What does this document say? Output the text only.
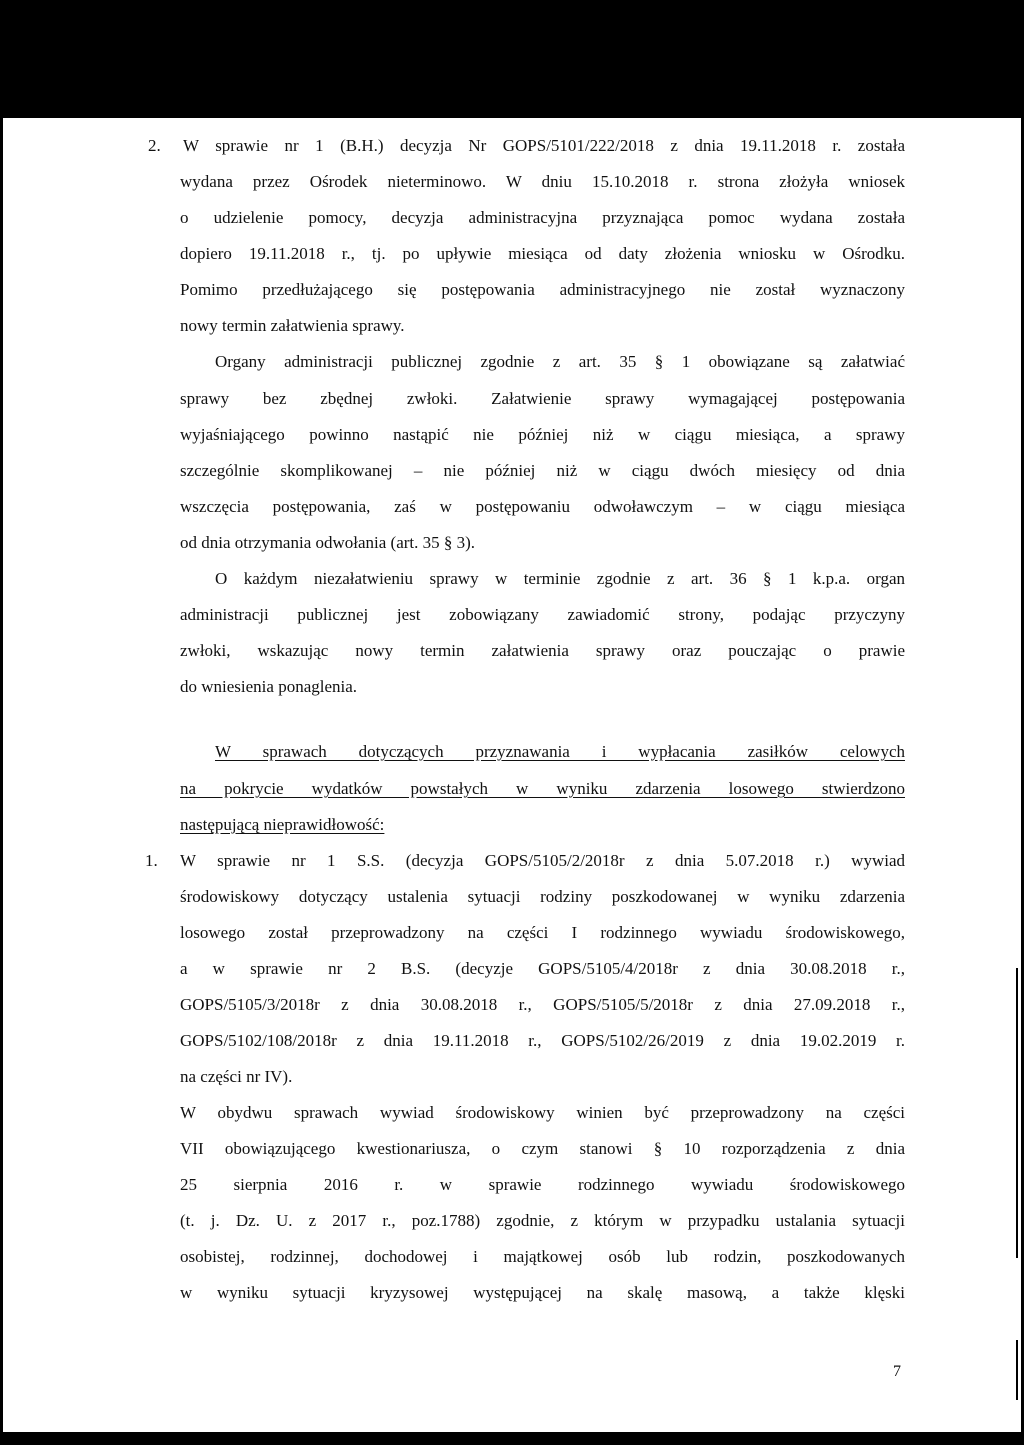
2. W sprawie nr 1 (B.H.) decyzja Nr GOPS/5101/222/2018 z dnia 19.11.2018 r. została
wydana przez Ośrodek nieterminowo. W dniu 15.10.2018 r. strona złożyła wniosek
o udzielenie pomocy, decyzja administracyjna przyznająca pomoc wydana została
dopiero 19.11.2018 r., tj. po upływie miesiąca od daty złożenia wniosku w Ośrodku.
Pomimo przedłużającego się postępowania administracyjnego nie został wyznaczony
nowy termin załatwienia sprawy.
Organy administracji publicznej zgodnie z art. 35 § 1 obowiązane są załatwiać
sprawy bez zbędnej zwłoki. Załatwienie sprawy wymagającej postępowania
wyjaśniającego powinno nastąpić nie później niż w ciągu miesiąca, a sprawy
szczególnie skomplikowanej – nie później niż w ciągu dwóch miesięcy od dnia
wszczęcia postępowania, zaś w postępowaniu odwoławczym – w ciągu miesiąca
od dnia otrzymania odwołania (art. 35 § 3).
O każdym niezałatwieniu sprawy w terminie zgodnie z art. 36 § 1 k.p.a. organ
administracji publicznej jest zobowiązany zawiadomić strony, podając przyczyny
zwłoki, wskazując nowy termin załatwienia sprawy oraz pouczając o prawie
do wniesienia ponaglenia.
W sprawach dotyczących przyznawania i wypłacania zasiłków celowych
na pokrycie wydatków powstałych w wyniku zdarzenia losowego stwierdzono
następującą nieprawidłowość:
1. W sprawie nr 1 S.S. (decyzja GOPS/5105/2/2018r z dnia 5.07.2018 r.) wywiad
środowiskowy dotyczący ustalenia sytuacji rodziny poszkodowanej w wyniku zdarzenia
losowego został przeprowadzony na części I rodzinnego wywiadu środowiskowego,
a w sprawie nr 2 B.S. (decyzje GOPS/5105/4/2018r z dnia 30.08.2018 r.,
GOPS/5105/3/2018r z dnia 30.08.2018 r., GOPS/5105/5/2018r z dnia 27.09.2018 r.,
GOPS/5102/108/2018r z dnia 19.11.2018 r., GOPS/5102/26/2019 z dnia 19.02.2019 r.
na części nr IV).
W obydwu sprawach wywiad środowiskowy winien być przeprowadzony na części
VII obowiązującego kwestionariusza, o czym stanowi § 10 rozporządzenia z dnia
25 sierpnia 2016 r. w sprawie rodzinnego wywiadu środowiskowego
(t. j. Dz. U. z 2017 r., poz.1788) zgodnie, z którym w przypadku ustalania sytuacji
osobistej, rodzinnej, dochodowej i majątkowej osób lub rodzin, poszkodowanych
w wyniku sytuacji kryzysowej występującej na skalę masową, a także klęski
7
